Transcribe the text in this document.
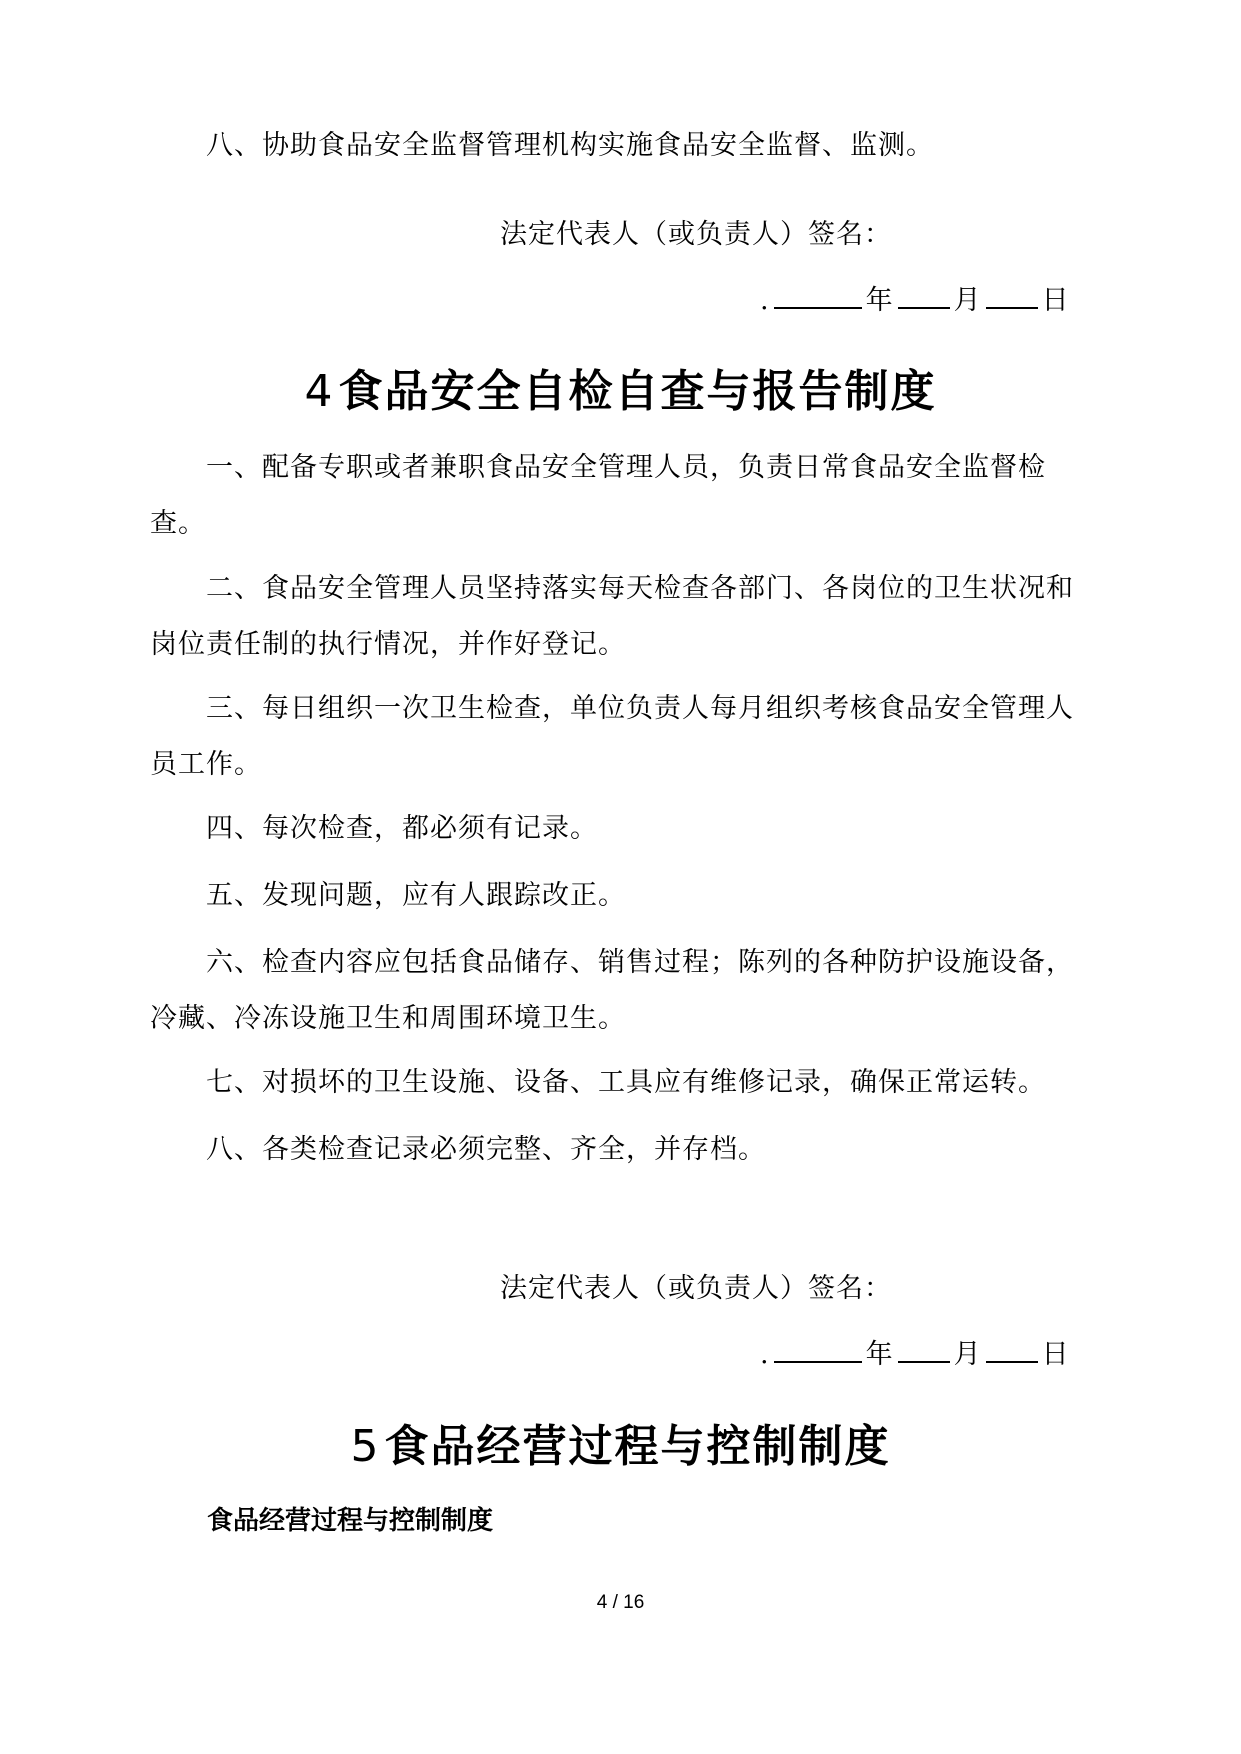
八、协助食品安全监督管理机构实施食品安全监督、监测。

法定代表人（或负责人）签名：

.	年 月 日

4食品安全自检自查与报告制度

一、配备专职或者兼职食品安全管理人员，负责日常食品安全监督检查。

二、食品安全管理人员坚持落实每天检查各部门、各岗位的卫生状况和岗位责任制的执行情况，并作好登记。

三、每日组织一次卫生检查，单位负责人每月组织考核食品安全管理人员工作。

四、每次检查，都必须有记录。

五、发现问题，应有人跟踪改正。

六、检查内容应包括食品储存、销售过程；陈列的各种防护设施设备，冷藏、冷冻设施卫生和周围环境卫生。

七、对损坏的卫生设施、设备、工具应有维修记录，确保正常运转。

八、各类检查记录必须完整、齐全，并存档。

法定代表人（或负责人）签名：

.	年 月 日

5食品经营过程与控制制度

食品经营过程与控制制度

4 / 16
